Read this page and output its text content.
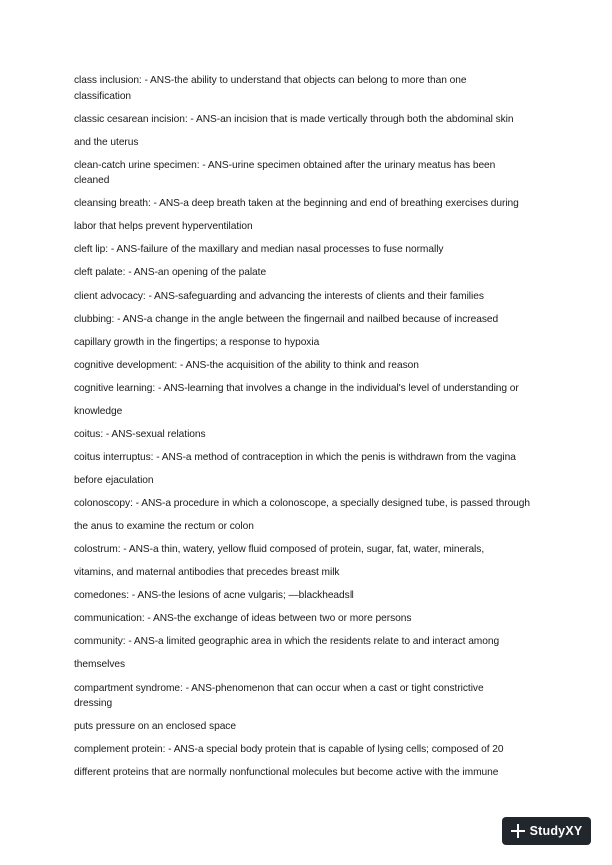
class inclusion: - ANS-the ability to understand that objects can belong to more than one
classification
classic cesarean incision: - ANS-an incision that is made vertically through both the abdominal skin
and the uterus
clean-catch urine specimen: - ANS-urine specimen obtained after the urinary meatus has been
cleaned
cleansing breath: - ANS-a deep breath taken at the beginning and end of breathing exercises during
labor that helps prevent hyperventilation
cleft lip: - ANS-failure of the maxillary and median nasal processes to fuse normally
cleft palate: - ANS-an opening of the palate
client advocacy: - ANS-safeguarding and advancing the interests of clients and their families
clubbing: - ANS-a change in the angle between the fingernail and nailbed because of increased
capillary growth in the fingertips; a response to hypoxia
cognitive development: - ANS-the acquisition of the ability to think and reason
cognitive learning: - ANS-learning that involves a change in the individual's level of understanding or
knowledge
coitus: - ANS-sexual relations
coitus interruptus: - ANS-a method of contraception in which the penis is withdrawn from the vagina
before ejaculation
colonoscopy: - ANS-a procedure in which a colonoscope, a specially designed tube, is passed through
the anus to examine the rectum or colon
colostrum: - ANS-a thin, watery, yellow fluid composed of protein, sugar, fat, water, minerals,
vitamins, and maternal antibodies that precedes breast milk
comedones: - ANS-the lesions of acne vulgaris; —blackheads‖
communication: - ANS-the exchange of ideas between two or more persons
community: - ANS-a limited geographic area in which the residents relate to and interact among
themselves
compartment syndrome: - ANS-phenomenon that can occur when a cast or tight constrictive
dressing
puts pressure on an enclosed space
complement protein: - ANS-a special body protein that is capable of lysing cells; composed of 20
different proteins that are normally nonfunctional molecules but become active with the immune
StudyXY
